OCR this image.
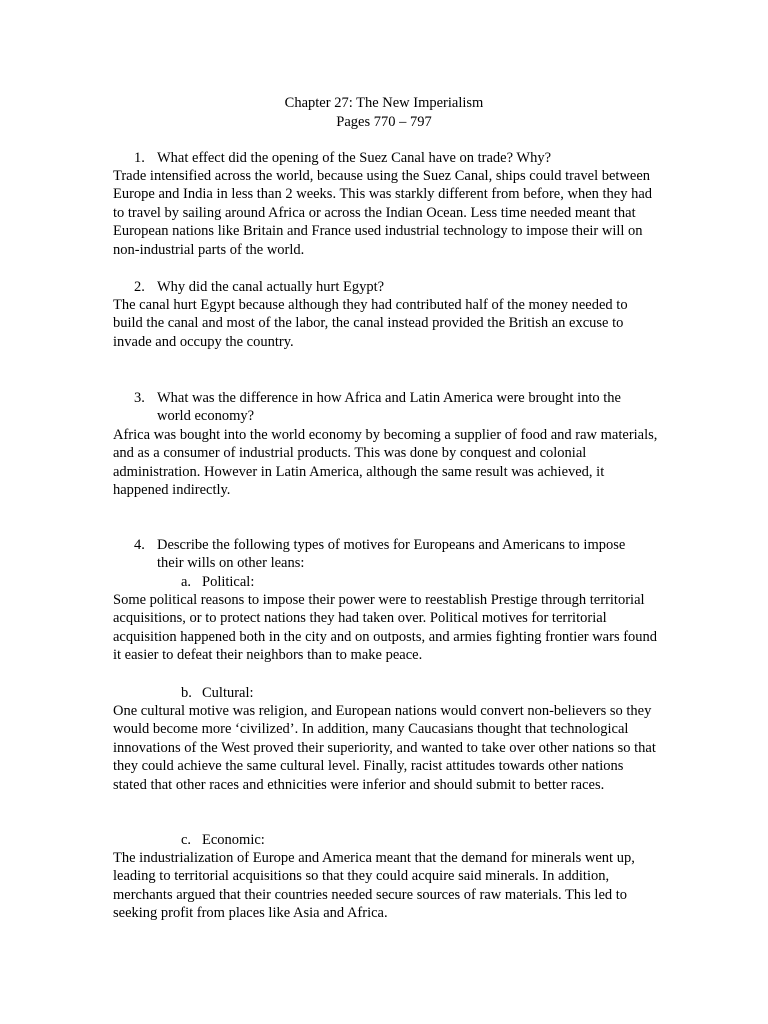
Chapter 27: The New Imperialism
Pages 770 – 797
1. What effect did the opening of the Suez Canal have on trade? Why?

Trade intensified across the world, because using the Suez Canal, ships could travel between Europe and India in less than 2 weeks. This was starkly different from before, when they had to travel by sailing around Africa or across the Indian Ocean. Less time needed meant that European nations like Britain and France used industrial technology to impose their will on non-industrial parts of the world.

2. Why did the canal actually hurt Egypt?

The canal hurt Egypt because although they had contributed half of the money needed to build the canal and most of the labor, the canal instead provided the British an excuse to invade and occupy the country.

3. What was the difference in how Africa and Latin America were brought into the world economy?

Africa was bought into the world economy by becoming a supplier of food and raw materials, and as a consumer of industrial products. This was done by conquest and colonial administration. However in Latin America, although the same result was achieved, it happened indirectly.

4. Describe the following types of motives for Europeans and Americans to impose their wills on other leans:
a. Political:

Some political reasons to impose their power were to reestablish Prestige through territorial acquisitions, or to protect nations they had taken over. Political motives for territorial acquisition happened both in the city and on outposts, and armies fighting frontier wars found it easier to defeat their neighbors than to make peace.

b. Cultural:

One cultural motive was religion, and European nations would convert non-believers so they would become more ‘civilized’. In addition, many Caucasians thought that technological innovations of the West proved their superiority, and wanted to take over other nations so that they could achieve the same cultural level. Finally, racist attitudes towards other nations stated that other races and ethnicities were inferior and should submit to better races.

c. Economic:

The industrialization of Europe and America meant that the demand for minerals went up, leading to territorial acquisitions so that they could acquire said minerals. In addition, merchants argued that their countries needed secure sources of raw materials. This led to seeking profit from places like Asia and Africa.
